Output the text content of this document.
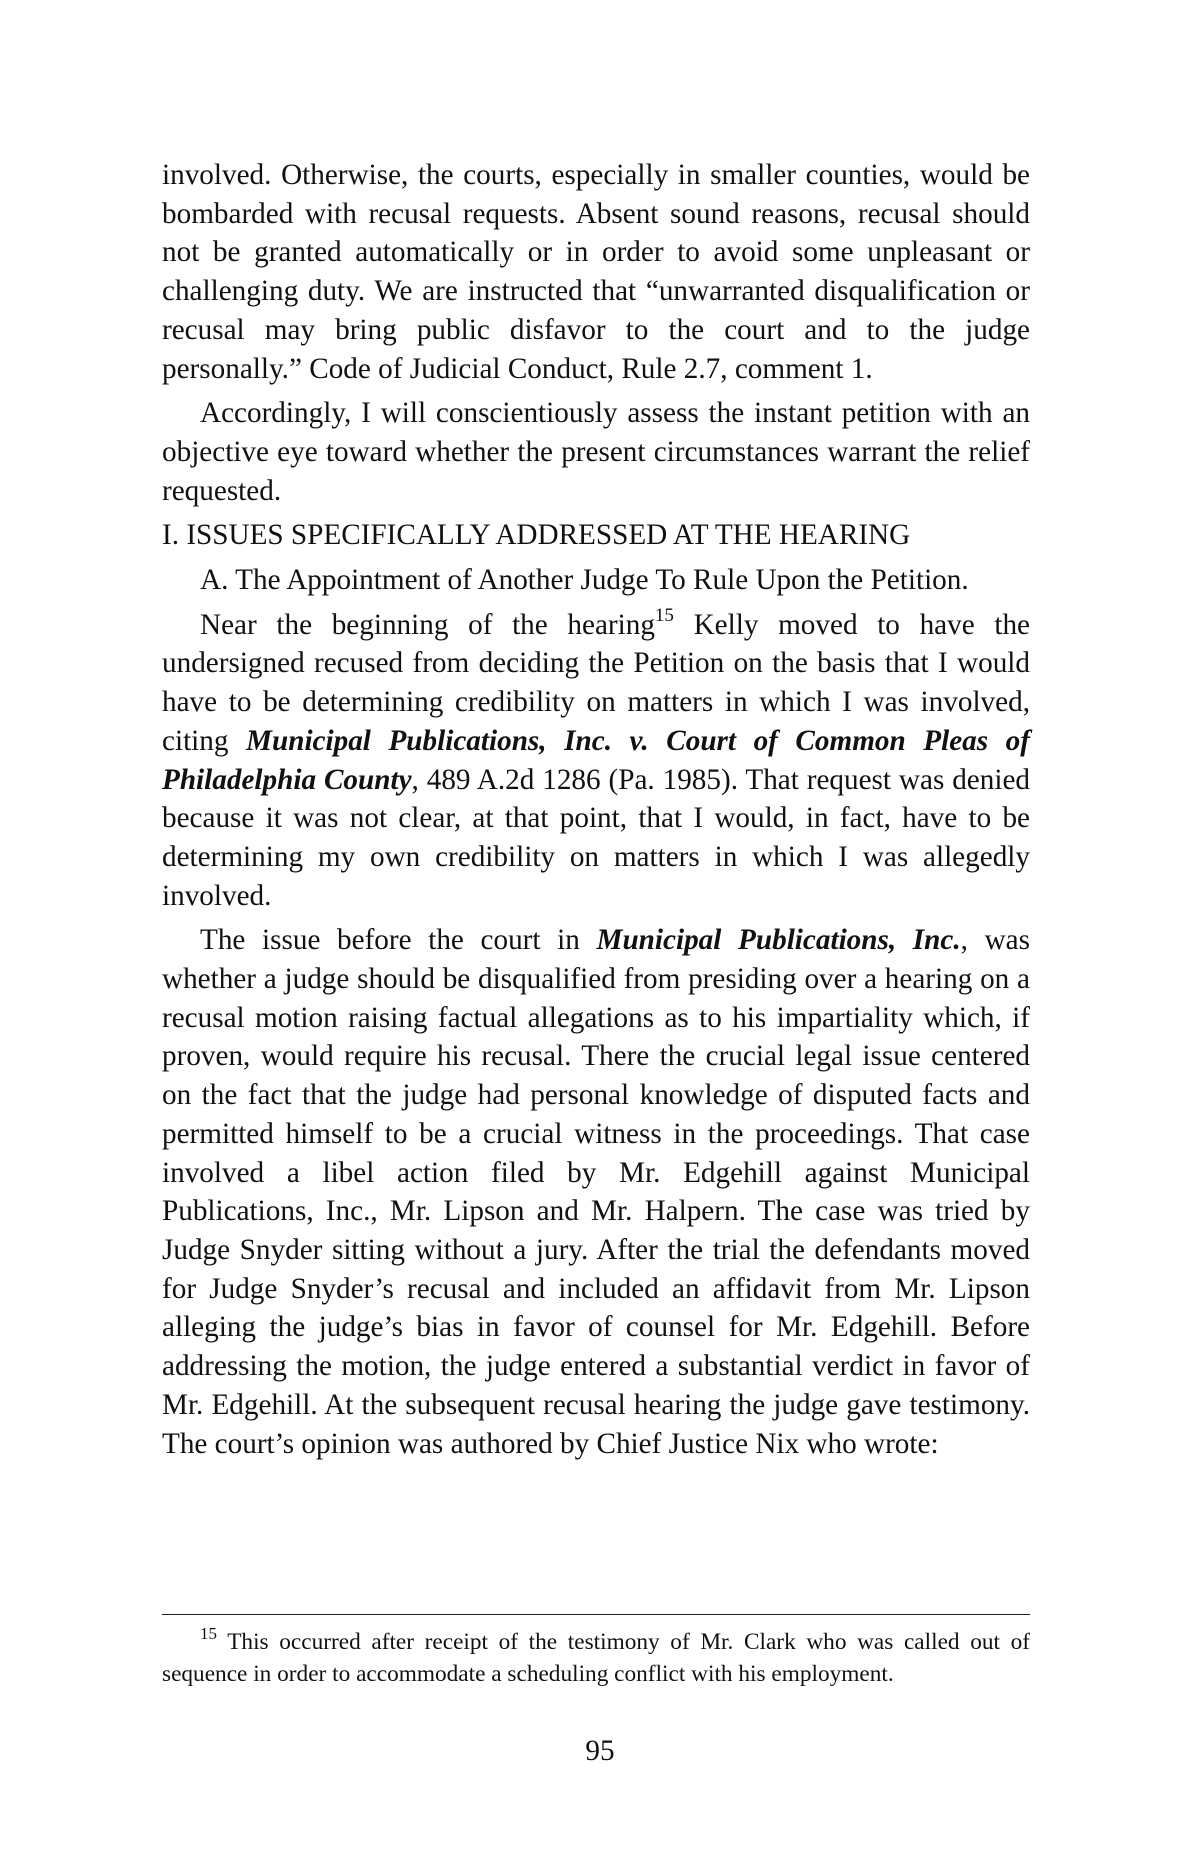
involved. Otherwise, the courts, especially in smaller counties, would be bombarded with recusal requests. Absent sound reasons, recusal should not be granted automatically or in order to avoid some unpleasant or challenging duty. We are instructed that “unwarranted disqualification or recusal may bring public disfavor to the court and to the judge personally.” Code of Judicial Conduct, Rule 2.7, comment 1.

Accordingly, I will conscientiously assess the instant petition with an objective eye toward whether the present circumstances warrant the relief requested.

I. ISSUES SPECIFICALLY ADDRESSED AT THE HEARING

A. The Appointment of Another Judge To Rule Upon the Petition.

Near the beginning of the hearing$^{15}$ Kelly moved to have the undersigned recused from deciding the Petition on the basis that I would have to be determining credibility on matters in which I was involved, citing Municipal Publications, Inc. v. Court of Common Pleas of Philadelphia County, 489 A.2d 1286 (Pa. 1985). That request was denied because it was not clear, at that point, that I would, in fact, have to be determining my own credibility on matters in which I was allegedly involved.

The issue before the court in Municipal Publications, Inc., was whether a judge should be disqualified from presiding over a hearing on a recusal motion raising factual allegations as to his impartiality which, if proven, would require his recusal. There the crucial legal issue centered on the fact that the judge had personal knowledge of disputed facts and permitted himself to be a crucial witness in the proceedings. That case involved a libel action filed by Mr. Edgehill against Municipal Publications, Inc., Mr. Lipson and Mr. Halpern. The case was tried by Judge Snyder sitting without a jury. After the trial the defendants moved for Judge Snyder’s recusal and included an affidavit from Mr. Lipson alleging the judge’s bias in favor of counsel for Mr. Edgehill. Before addressing the motion, the judge entered a substantial verdict in favor of Mr. Edgehill. At the subsequent recusal hearing the judge gave testimony. The court’s opinion was authored by Chief Justice Nix who wrote:

$^{15}$ This occurred after receipt of the testimony of Mr. Clark who was called out of sequence in order to accommodate a scheduling conflict with his employment.

95
